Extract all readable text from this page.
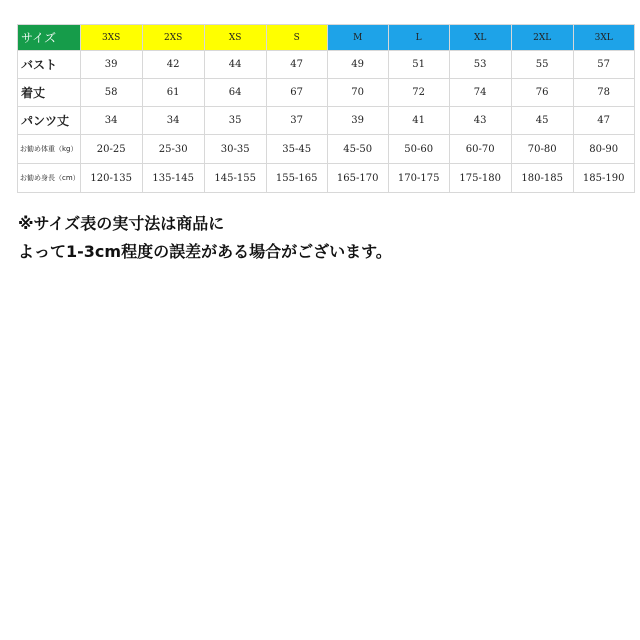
サイズ	3XS	2XS	XS	S	M	L	XL	2XL	3XL
バスト	39	42	44	47	49	51	53	55	57
着丈	58	61	64	67	70	72	74	76	78
パンツ丈	34	34	35	37	39	41	43	45	47
お勧め体重（kg）	20-25	25-30	30-35	35-45	45-50	50-60	60-70	70-80	80-90
お勧め身長（cm）	120-135	135-145	145-155	155-165	165-170	170-175	175-180	180-185	185-190

※サイズ表の実寸法は商品に
よって1-3cm程度の誤差がある場合がございます。
